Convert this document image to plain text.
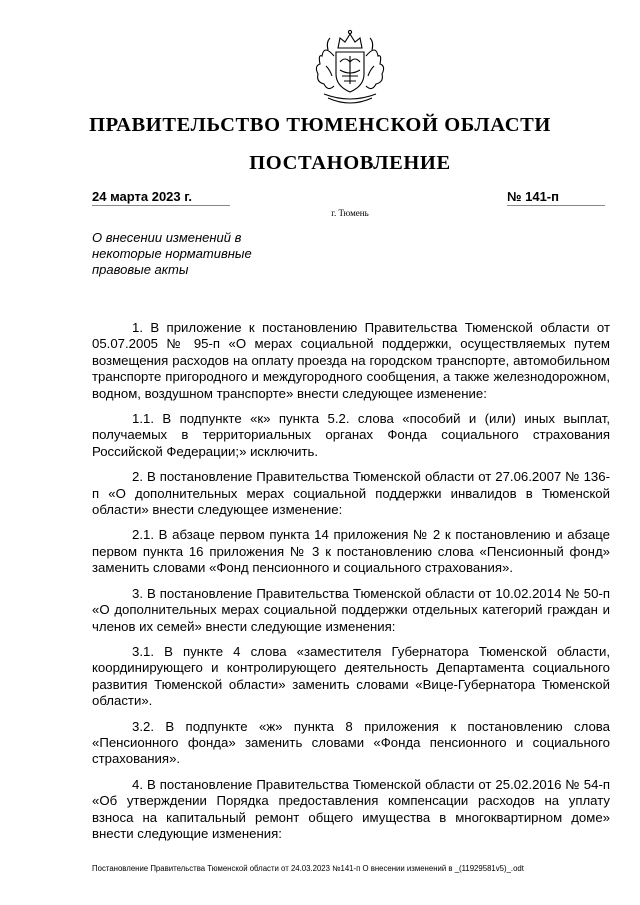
ПРАВИТЕЛЬСТВО ТЮМЕНСКОЙ ОБЛАСТИ
ПОСТАНОВЛЕНИЕ
24 марта 2023 г.	№ 141-п
г. Тюмень
О внесении изменений в некоторые нормативные правовые акты

1. В приложение к постановлению Правительства Тюменской области от 05.07.2005 № 95-п «О мерах социальной поддержки, осуществляемых путем возмещения расходов на оплату проезда на городском транспорте, автомобильном транспорте пригородного и междугородного сообщения, а также железнодорожном, водном, воздушном транспорте» внести следующее изменение:

1.1. В подпункте «к» пункта 5.2. слова «пособий и (или) иных выплат, получаемых в территориальных органах Фонда социального страхования Российской Федерации;» исключить.

2. В постановление Правительства Тюменской области от 27.06.2007 № 136-п «О дополнительных мерах социальной поддержки инвалидов в Тюменской области» внести следующее изменение:

2.1. В абзаце первом пункта 14 приложения № 2 к постановлению и абзаце первом пункта 16 приложения № 3 к постановлению слова «Пенсионный фонд» заменить словами «Фонд пенсионного и социального страхования».

3. В постановление Правительства Тюменской области от 10.02.2014 № 50-п «О дополнительных мерах социальной поддержки отдельных категорий граждан и членов их семей» внести следующие изменения:

3.1. В пункте 4 слова «заместителя Губернатора Тюменской области, координирующего и контролирующего деятельность Департамента социального развития Тюменской области» заменить словами «Вице-Губернатора Тюменской области».

3.2. В подпункте «ж» пункта 8 приложения к постановлению слова «Пенсионного фонда» заменить словами «Фонда пенсионного и социального страхования».

4. В постановление Правительства Тюменской области от 25.02.2016 № 54-п «Об утверждении Порядка предоставления компенсации расходов на уплату взноса на капитальный ремонт общего имущества в многоквартирном доме» внести следующие изменения:

Постановление Правительства Тюменской области от 24.03.2023 №141-п О внесении изменений в _(11929581v5)_.odt
